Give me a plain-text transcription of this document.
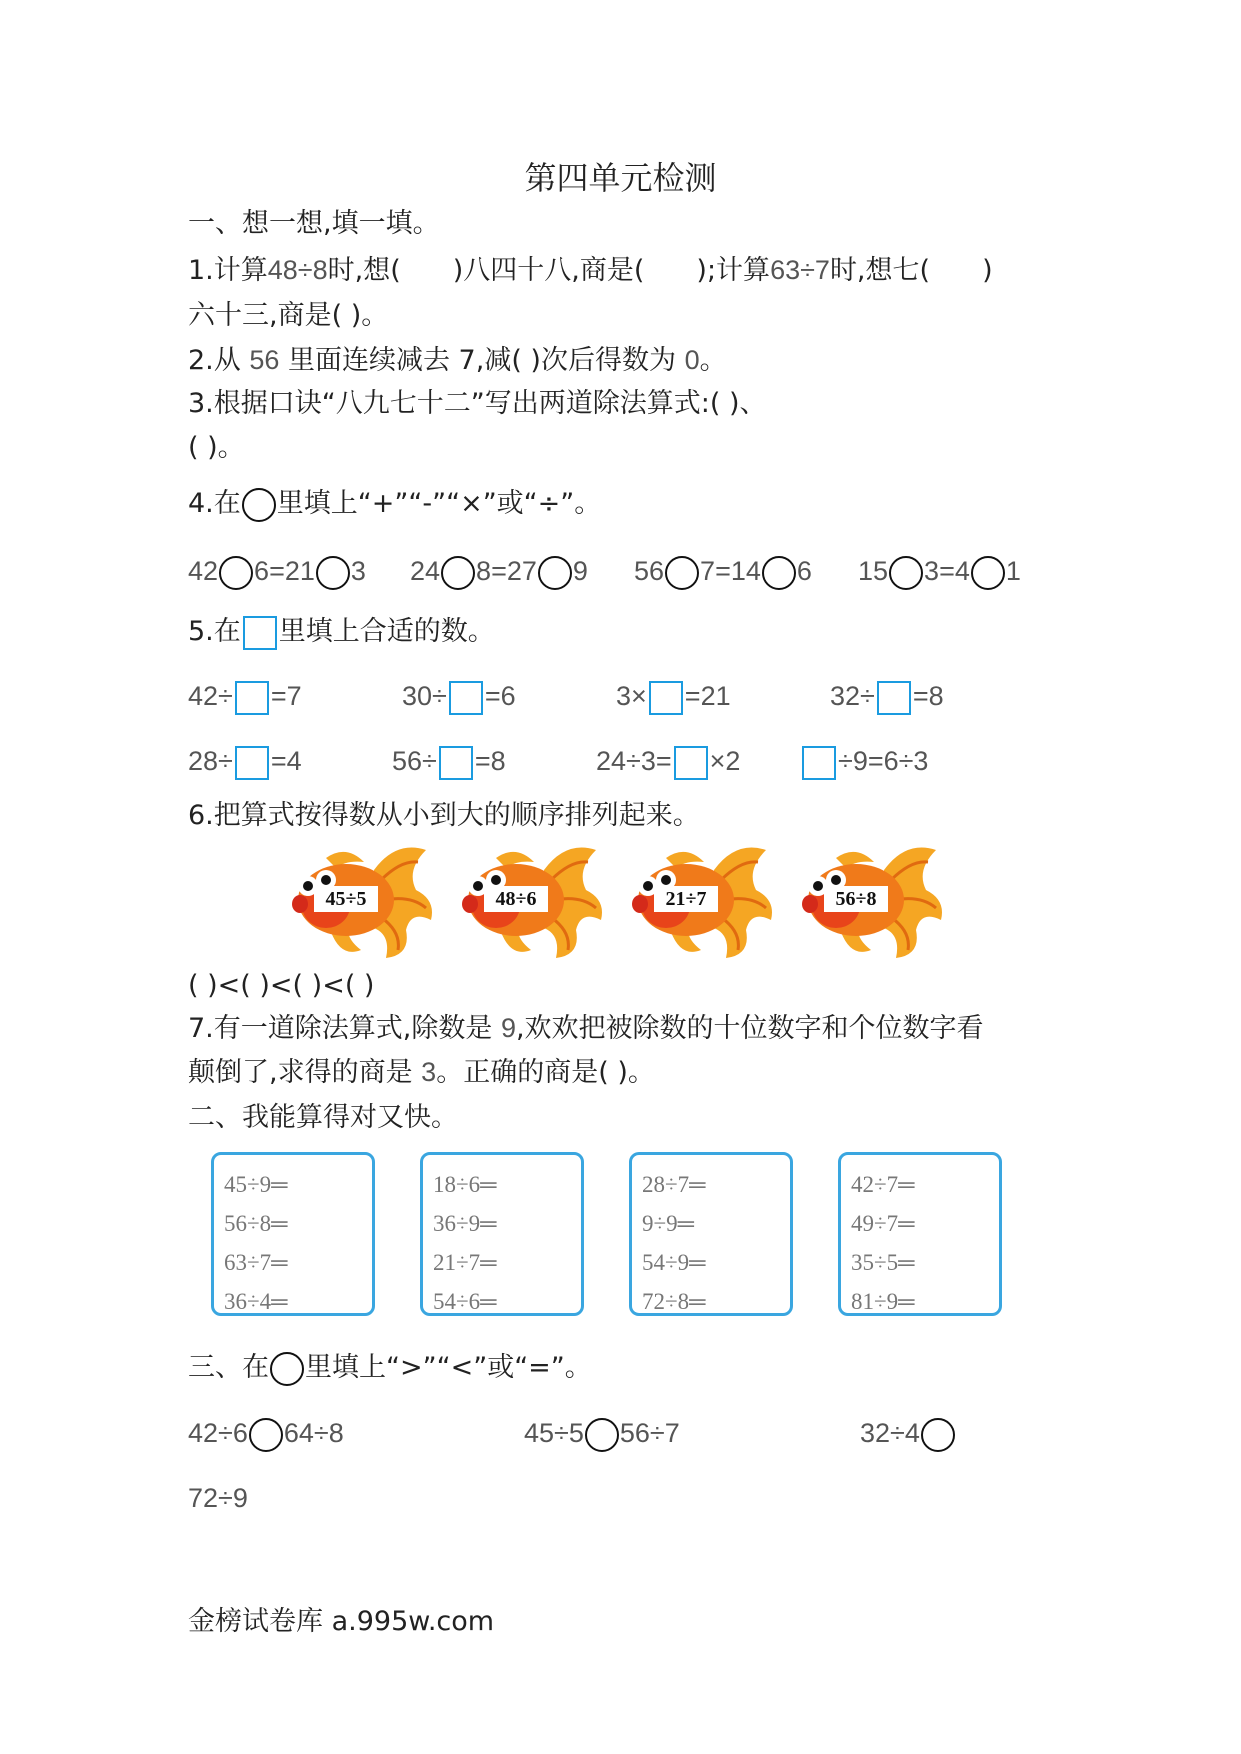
第四单元检测
一、想一想,填一填。
1.计算48÷8时,想( )八四十八,商是( );计算63÷7时,想七( )
六十三,商是( )。
2.从 56 里面连续减去 7,减( )次后得数为 0。
3.根据口诀“八九七十二”写出两道除法算式:( )、
( )。
4.在 里填上“+”“-”“×”或“÷”。
42 6=21 3 24 8=27 9 56 7=14 6 15 3=4 1
5.在 里填上合适的数。
42÷ =7	30÷ =6	3× =21	32÷ =8
28÷ =4	56÷ =8	24÷3= ×2	÷9=6÷3
6.把算式按得数从小到大的顺序排列起来。
45÷5	48÷6	21÷7	56÷8
( )<( )<( )<( )
7.有一道除法算式,除数是 9,欢欢把被除数的十位数字和个位数字看
颠倒了,求得的商是 3。正确的商是( )。
二、我能算得对又快。
45÷9═
56÷8═
63÷7═
36÷4═
18÷6═
36÷9═
21÷7═
54÷6═
28÷7═
9÷9═
54÷9═
72÷8═
42÷7═
49÷7═
35÷5═
81÷9═
三、在 里填上“>”“<”或“=”。
42÷6 64÷8	45÷5 56÷7	32÷4
72÷9
金榜试卷库 a.995w.com
